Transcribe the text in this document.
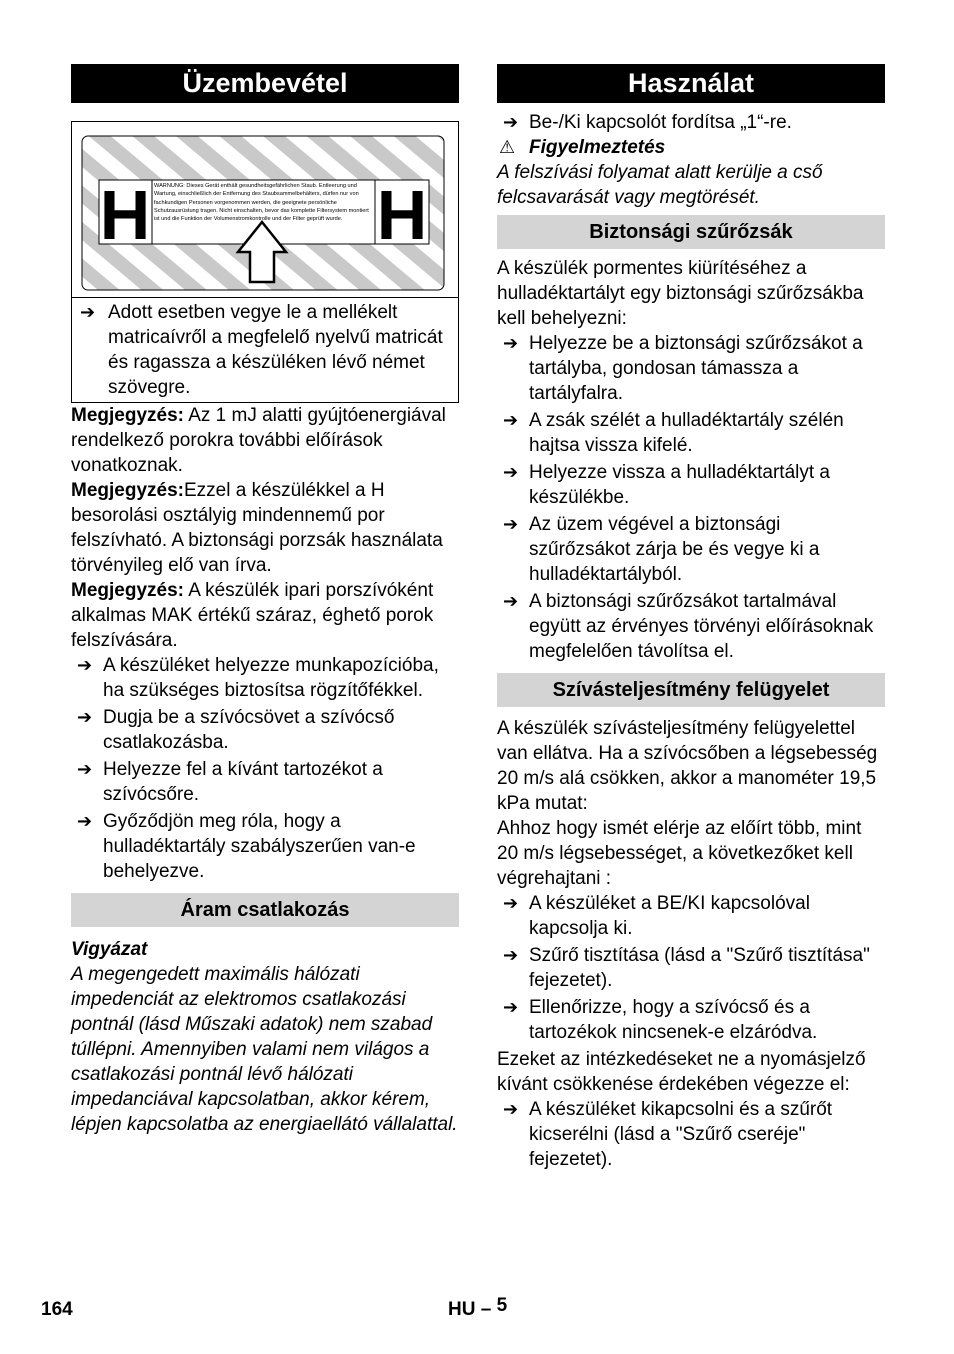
Üzembevétel
H	H
WARNUNG: Dieses Gerät enthält gesundheitsgefährlichen Staub. Entleerung und Wartung, einschließlich der Entfernung des Staubsammelbehälters, dürfen nur von fachkundigen Personen vorgenommen werden, die geeignete persönliche Schutzausrüstung tragen. Nicht einschalten, bevor das komplette Filtersystem montiert ist und die Funktion der Volumenstromkontrolle und der Filter geprüft wurde.
➔ Adott esetben vegye le a mellékelt matricaívről a megfelelő nyelvű matricát és ragassza a készüléken lévő német szövegre.

Megjegyzés: Az 1 mJ alatti gyújtóenergiával rendelkező porokra további előírások vonatkoznak.

Megjegyzés:Ezzel a készülékkel a H besorolási osztályig mindennemű por felszívható. A biztonsági porzsák használata törvényileg elő van írva.

Megjegyzés: A készülék ipari porszívóként alkalmas MAK értékű száraz, éghető porok felszívására.

➔ A készüléket helyezze munkapozícióba, ha szükséges biztosítsa rögzítőfékkel.
➔ Dugja be a szívócsövet a szívócső csatlakozásba.
➔ Helyezze fel a kívánt tartozékot a szívócsőre.
➔ Győződjön meg róla, hogy a hulladéktartály szabályszerűen van-e behelyezve.
Áram csatlakozás

Vigyázat

A megengedett maximális hálózati impedenciát az elektromos csatlakozási pontnál (lásd Műszaki adatok) nem szabad túllépni. Amennyiben valami nem világos a csatlakozási pontnál lévő hálózati impedanciával kapcsolatban, akkor kérem, lépjen kapcsolatba az energiaellátó vállalattal.

Használat
➔ Be-/Ki kapcsolót fordítsa „1“-re.
⚠ Figyelmeztetés

A felszívási folyamat alatt kerülje a cső felcsavarását vagy megtörését.

Biztonsági szűrőzsák

A készülék pormentes kiürítéséhez a hulladéktartályt egy biztonsági szűrőzsákba kell behelyezni:

➔ Helyezze be a biztonsági szűrőzsákot a tartályba, gondosan támassza a tartályfalra.
➔ A zsák szélét a hulladéktartály szélén hajtsa vissza kifelé.
➔ Helyezze vissza a hulladéktartályt a készülékbe.
➔ Az üzem végével a biztonsági szűrőzsákot zárja be és vegye ki a hulladéktartályból.
➔ A biztonsági szűrőzsákot tartalmával együtt az érvényes törvényi előírásoknak megfelelően távolítsa el.
Szívásteljesítmény felügyelet

A készülék szívásteljesítmény felügyelettel van ellátva. Ha a szívócsőben a légsebesség 20 m/s alá csökken, akkor a manométer 19,5 kPa mutat:

Ahhoz hogy ismét elérje az előírt több, mint 20 m/s légsebességet, a következőket kell végrehajtani :

➔ A készüléket a BE/KI kapcsolóval kapcsolja ki.
➔ Szűrő tisztítása (lásd a "Szűrő tisztítása" fejezetet).
➔ Ellenőrizze, hogy a szívócső és a tartozékok nincsenek-e elzáródva.

Ezeket az intézkedéseket ne a nyomásjelző kívánt csökkenése érdekében végezze el:

➔ A készüléket kikapcsolni és a szűrőt kicserélni (lásd a "Szűrő cseréje" fejezetet).
164	HU – 5
